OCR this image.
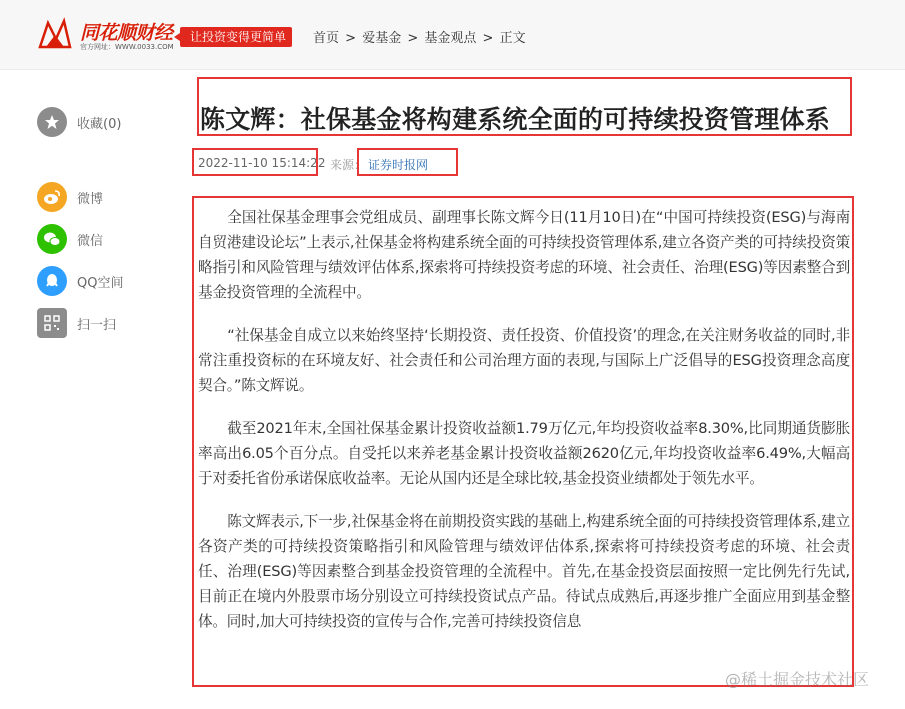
同花顺财经
官方网址：WWW.0033.COM
让投资变得更简单	首页 > 爱基金 > 基金观点 > 正文
收藏(0)
微博
微信
QQ空间
扫一扫
陈文辉：社保基金将构建系统全面的可持续投资管理体系
2022-11-10 15:14:22 来源： 证券时报网

全国社保基金理事会党组成员、副理事长陈文辉今日(11月10日)在“中国可持续投资(ESG)与海南自贸港建设论坛”上表示,社保基金将构建系统全面的可持续投资管理体系,建立各资产类的可持续投资策略指引和风险管理与绩效评估体系,探索将可持续投资考虑的环境、社会责任、治理(ESG)等因素整合到基金投资管理的全流程中。

“社保基金自成立以来始终坚持‘长期投资、责任投资、价值投资’的理念,在关注财务收益的同时,非常注重投资标的在环境友好、社会责任和公司治理方面的表现,与国际上广泛倡导的ESG投资理念高度契合。”陈文辉说。

截至2021年末,全国社保基金累计投资收益额1.79万亿元,年均投资收益率8.30%,比同期通货膨胀率高出6.05个百分点。自受托以来养老基金累计投资收益额2620亿元,年均投资收益率6.49%,大幅高于对委托省份承诺保底收益率。无论从国内还是全球比较,基金投资业绩都处于领先水平。

陈文辉表示,下一步,社保基金将在前期投资实践的基础上,构建系统全面的可持续投资管理体系,建立各资产类的可持续投资策略指引和风险管理与绩效评估体系,探索将可持续投资考虑的环境、社会责任、治理(ESG)等因素整合到基金投资管理的全流程中。首先,在基金投资层面按照一定比例先行先试,目前正在境内外股票市场分别设立可持续投资试点产品。待试点成熟后,再逐步推广全面应用到基金整体。同时,加大可持续投资的宣传与合作,完善可持续投资信息

@稀土掘金技术社区
